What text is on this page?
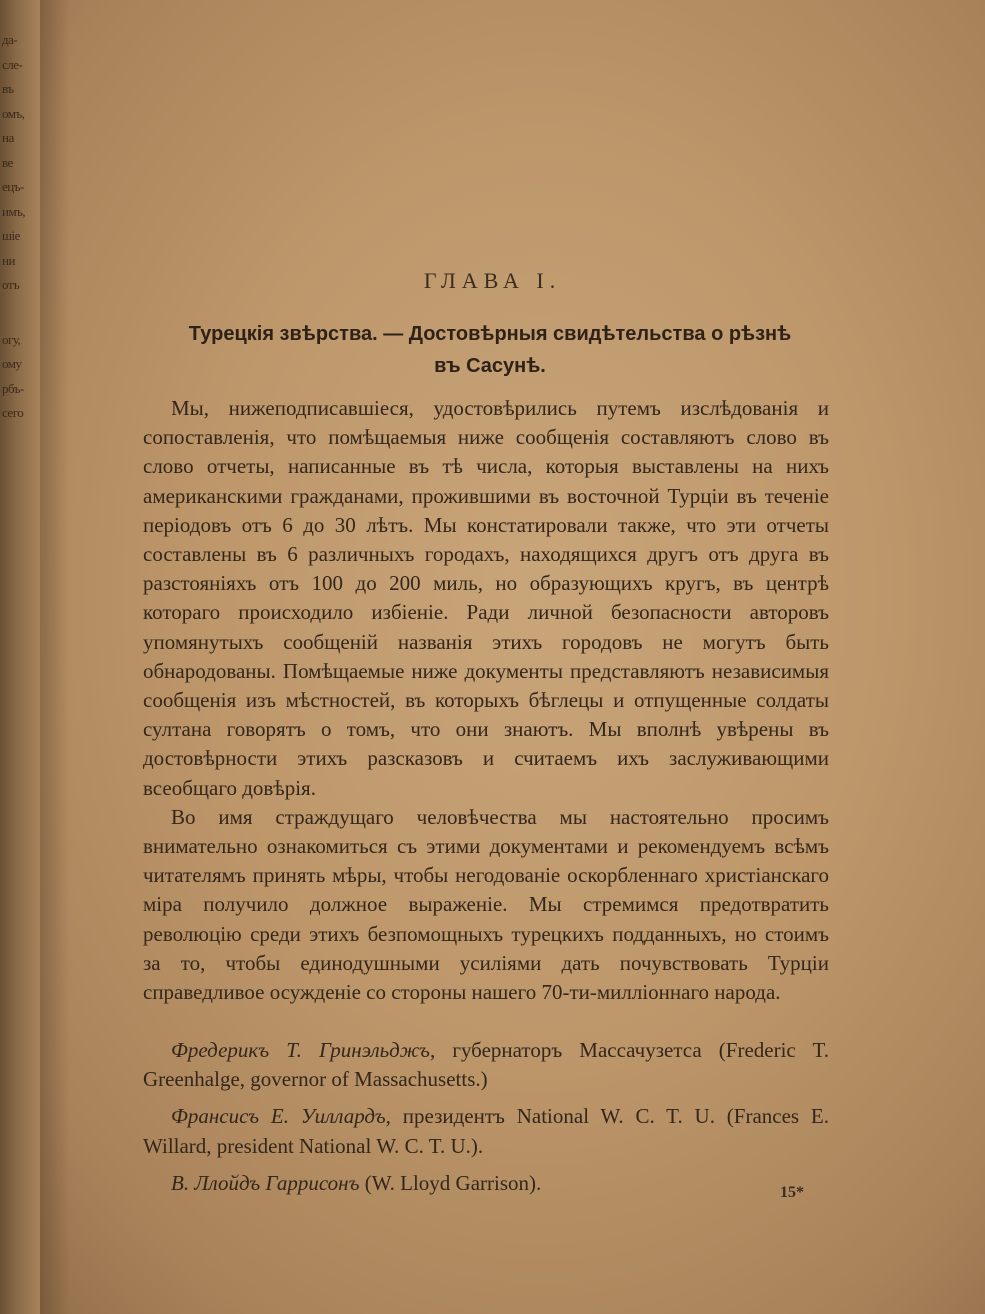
да-
сле-
въ
омъ,
на
ве
ецъ-
имъ,
шіе
ни
отъ
огу,
ому
рбъ-
сего
ГЛАВА I.
Турецкія звѣрства. — Достовѣрныя свидѣтельства о рѣзнѣ
въ Сасунѣ.

Мы, нижеподписавшіеся, удостовѣрились путемъ изслѣдованія и сопоставленія, что помѣщаемыя ниже сообщенія составляютъ слово въ слово отчеты, написанные въ тѣ числа, которыя выставлены на нихъ американскими гражданами, прожившими въ восточной Турціи въ теченіе періодовъ отъ 6 до 30 лѣтъ. Мы констатировали также, что эти отчеты составлены въ 6 различныхъ городахъ, находящихся другъ отъ друга въ разстояніяхъ отъ 100 до 200 миль, но образующихъ кругъ, въ центрѣ котораго происходило избіеніе. Ради личной безопасности авторовъ упомянутыхъ сообщеній названія этихъ городовъ не могутъ быть обнародованы. Помѣщаемые ниже документы представляютъ независимыя сообщенія изъ мѣстностей, въ которыхъ бѣглецы и отпущенные солдаты султана говорятъ о томъ, что они знаютъ. Мы вполнѣ увѣрены въ достовѣрности этихъ разсказовъ и считаемъ ихъ заслуживающими всеобщаго довѣрія.

Во имя страждущаго человѣчества мы настоятельно просимъ внимательно ознакомиться съ этими документами и рекомендуемъ всѣмъ читателямъ принять мѣры, чтобы негодованіе оскорбленнаго христіанскаго міра получило должное выраженіе. Мы стремимся предотвратить революцію среди этихъ безпомощныхъ турецкихъ подданныхъ, но стоимъ за то, чтобы единодушными усиліями дать почувствовать Турціи справедливое осужденіе со стороны нашего 70-ти-милліоннаго народа.

Фредерикъ Т. Гринэльджъ, губернаторъ Массачузетса (Frederic T. Greenhalge, governor of Massachusetts.)

Франсисъ Е. Уиллардъ, президентъ National W. C. T. U. (Frances E. Willard, president National W. C. T. U.).

В. Ллойдъ Гаррисонъ (W. Lloyd Garrison).	15*
